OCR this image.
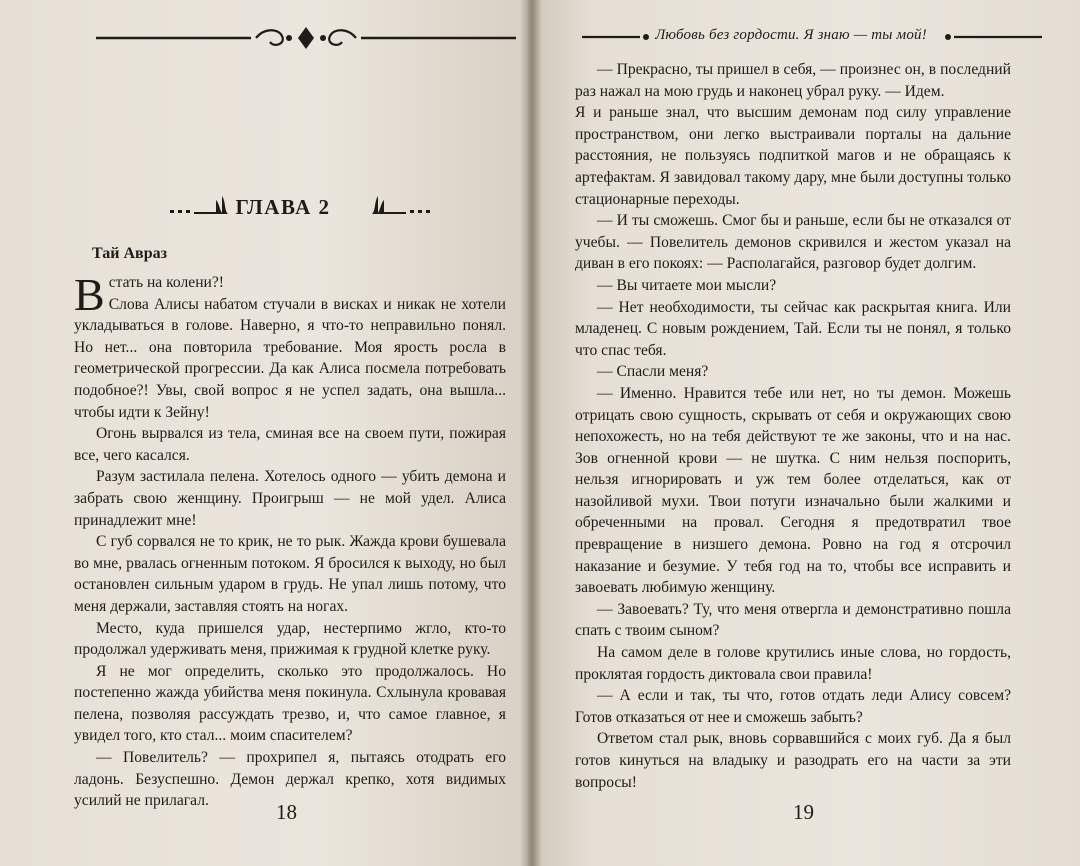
Любовь без гордости. Я знаю — ты мой!
ГЛАВА 2
Тай Авраз

Встать на колени?!

Слова Алисы набатом стучали в висках и никак не хотели укладываться в голове. Наверно, я что-то неправильно понял. Но нет... она повторила требование. Моя ярость росла в геометрической прогрессии. Да как Алиса посмела потребовать подобное?! Увы, свой вопрос я не успел задать, она вышла... чтобы идти к Зейну!

Огонь вырвался из тела, сминая все на своем пути, пожирая все, чего касался.

Разум застилала пелена. Хотелось одного — убить демона и забрать свою женщину. Проигрыш — не мой удел. Алиса принадлежит мне!

С губ сорвался не то крик, не то рык. Жажда крови бушевала во мне, рвалась огненным потоком. Я бросился к выходу, но был остановлен сильным ударом в грудь. Не упал лишь потому, что меня держали, заставляя стоять на ногах.

Место, куда пришелся удар, нестерпимо жгло, кто-то продолжал удерживать меня, прижимая к грудной клетке руку.

Я не мог определить, сколько это продолжалось. Но постепенно жажда убийства меня покинула. Схлынула кровавая пелена, позволяя рассуждать трезво, и, что самое главное, я увидел того, кто стал... моим спасителем?

— Повелитель? — прохрипел я, пытаясь отодрать его ладонь. Безуспешно. Демон держал крепко, хотя видимых усилий не прилагал.	18

— Прекрасно, ты пришел в себя, — произнес он, в последний раз нажал на мою грудь и наконец убрал руку. — Идем.

Я и раньше знал, что высшим демонам под силу управление пространством, они легко выстраивали порталы на дальние расстояния, не пользуясь подпиткой магов и не обращаясь к артефактам. Я завидовал такому дару, мне были доступны только стационарные переходы.

— И ты сможешь. Смог бы и раньше, если бы не отказался от учебы. — Повелитель демонов скривился и жестом указал на диван в его покоях: — Располагайся, разговор будет долгим.

— Вы читаете мои мысли?

— Нет необходимости, ты сейчас как раскрытая книга. Или младенец. С новым рождением, Тай. Если ты не понял, я только что спас тебя.

— Спасли меня?

— Именно. Нравится тебе или нет, но ты демон. Можешь отрицать свою сущность, скрывать от себя и окружающих свою непохожесть, но на тебя действуют те же законы, что и на нас. Зов огненной крови — не шутка. С ним нельзя поспорить, нельзя игнорировать и уж тем более отделаться, как от назойливой мухи. Твои потуги изначально были жалкими и обреченными на провал. Сегодня я предотвратил твое превращение в низшего демона. Ровно на год я отсрочил наказание и безумие. У тебя год на то, чтобы все исправить и завоевать любимую женщину.

— Завоевать? Ту, что меня отвергла и демонстративно пошла спать с твоим сыном?

На самом деле в голове крутились иные слова, но гордость, проклятая гордость диктовала свои правила!

— А если и так, ты что, готов отдать леди Алису совсем? Готов отказаться от нее и сможешь забыть?

Ответом стал рык, вновь сорвавшийся с моих губ. Да я был готов кинуться на владыку и разодрать его на части за эти вопросы!

19
